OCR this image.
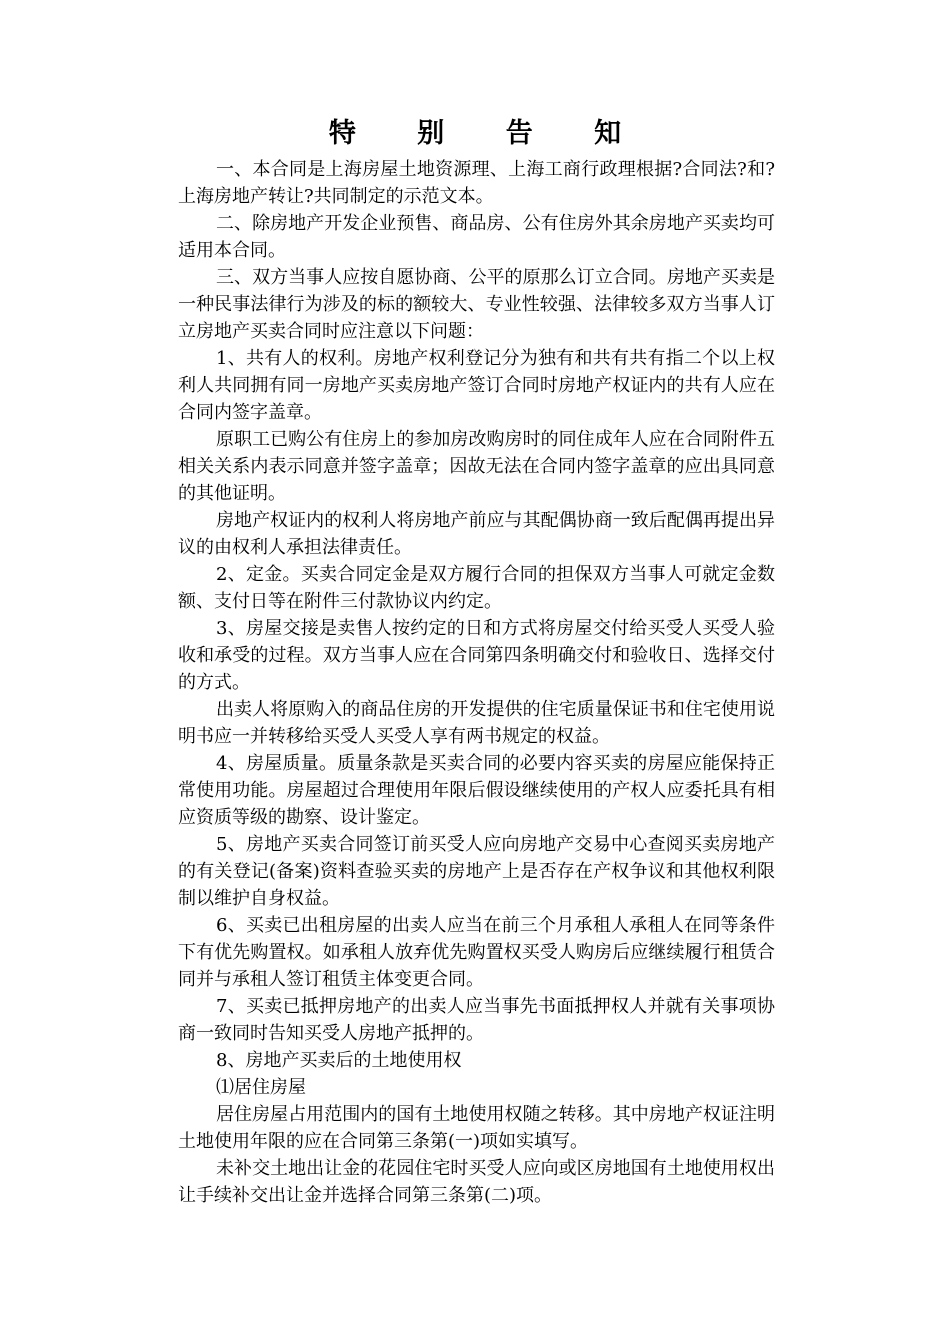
特 别 告 知

一、本合同是上海房屋土地资源理、上海工商行政理根据?合同法?和?上海房地产转让?共同制定的示范文本。

二、除房地产开发企业预售、商品房、公有住房外其余房地产买卖均可适用本合同。

三、双方当事人应按自愿协商、公平的原那么订立合同。房地产买卖是一种民事法律行为涉及的标的额较大、专业性较强、法律较多双方当事人订立房地产买卖合同时应注意以下问题：

1、共有人的权利。房地产权利登记分为独有和共有共有指二个以上权利人共同拥有同一房地产买卖房地产签订合同时房地产权证内的共有人应在合同内签字盖章。

原职工已购公有住房上的参加房改购房时的同住成年人应在合同附件五相关关系内表示同意并签字盖章；因故无法在合同内签字盖章的应出具同意的其他证明。

房地产权证内的权利人将房地产前应与其配偶协商一致后配偶再提出异议的由权利人承担法律责任。

2、定金。买卖合同定金是双方履行合同的担保双方当事人可就定金数额、支付日等在附件三付款协议内约定。

3、房屋交接是卖售人按约定的日和方式将房屋交付给买受人买受人验收和承受的过程。双方当事人应在合同第四条明确交付和验收日、选择交付的方式。

出卖人将原购入的商品住房的开发提供的住宅质量保证书和住宅使用说明书应一并转移给买受人买受人享有两书规定的权益。

4、房屋质量。质量条款是买卖合同的必要内容买卖的房屋应能保持正常使用功能。房屋超过合理使用年限后假设继续使用的产权人应委托具有相应资质等级的勘察、设计鉴定。

5、房地产买卖合同签订前买受人应向房地产交易中心查阅买卖房地产的有关登记(备案)资料查验买卖的房地产上是否存在产权争议和其他权利限制以维护自身权益。

6、买卖已出租房屋的出卖人应当在前三个月承租人承租人在同等条件下有优先购置权。如承租人放弃优先购置权买受人购房后应继续履行租赁合同并与承租人签订租赁主体变更合同。

7、买卖已抵押房地产的出卖人应当事先书面抵押权人并就有关事项协商一致同时告知买受人房地产抵押的。

8、房地产买卖后的土地使用权

⑴居住房屋

居住房屋占用范围内的国有土地使用权随之转移。其中房地产权证注明土地使用年限的应在合同第三条第(一)项如实填写。

未补交土地出让金的花园住宅时买受人应向或区房地国有土地使用权出让手续补交出让金并选择合同第三条第(二)项。
